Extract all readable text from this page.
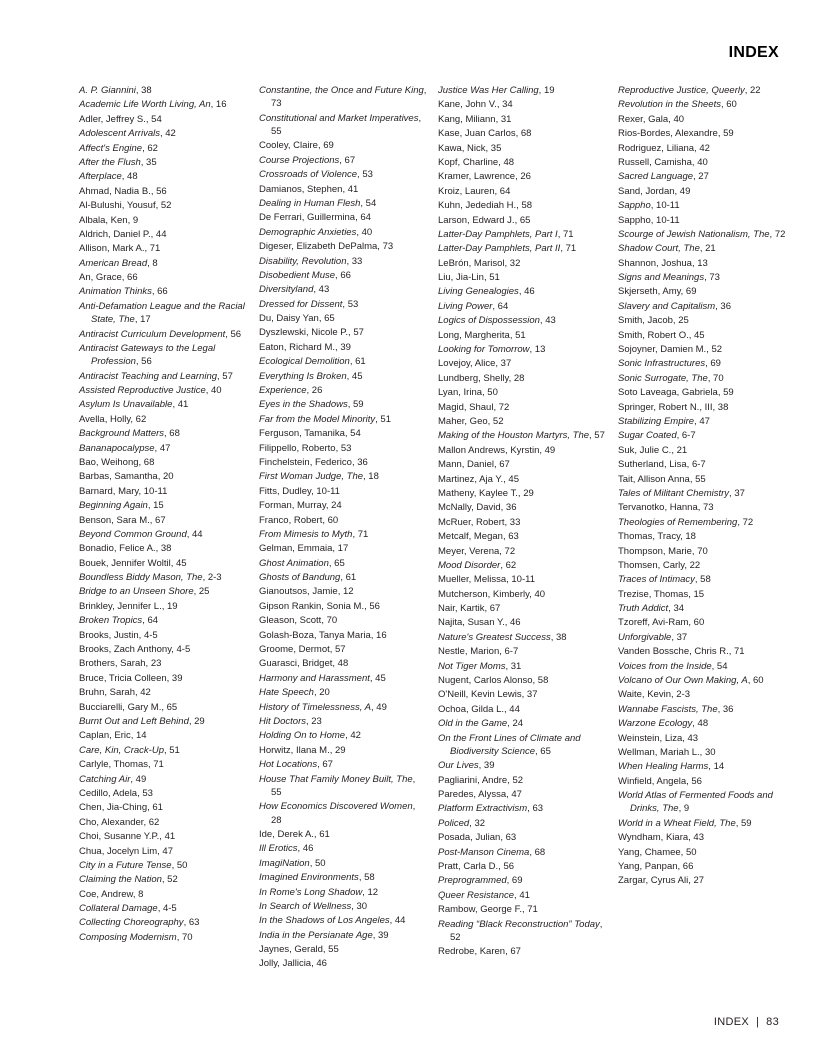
INDEX
A. P. Giannini, 38
Academic Life Worth Living, An, 16
Adler, Jeffrey S., 54
Adolescent Arrivals, 42
Affect's Engine, 62
After the Flush, 35
Afterplace, 48
Ahmad, Nadia B., 56
Al-Bulushi, Yousuf, 52
Albala, Ken, 9
Aldrich, Daniel P., 44
Allison, Mark A., 71
American Bread, 8
An, Grace, 66
Animation Thinks, 66
Anti-Defamation League and the Racial State, The, 17
Antiracist Curriculum Development, 56
Antiracist Gateways to the Legal Profession, 56
Antiracist Teaching and Learning, 57
Assisted Reproductive Justice, 40
Asylum Is Unavailable, 41
Avella, Holly, 62
Background Matters, 68
Bananapocalypse, 47
Bao, Weihong, 68
Barbas, Samantha, 20
Barnard, Mary, 10-11
Beginning Again, 15
Benson, Sara M., 67
Beyond Common Ground, 44
Bonadio, Felice A., 38
Bouek, Jennifer Woltil, 45
Boundless Biddy Mason, The, 2-3
Bridge to an Unseen Shore, 25
Brinkley, Jennifer L., 19
Broken Tropics, 64
Brooks, Justin, 4-5
Brooks, Zach Anthony, 4-5
Brothers, Sarah, 23
Bruce, Tricia Colleen, 39
Bruhn, Sarah, 42
Bucciarelli, Gary M., 65
Burnt Out and Left Behind, 29
Caplan, Eric, 14
Care, Kin, Crack-Up, 51
Carlyle, Thomas, 71
Catching Air, 49
Cedillo, Adela, 53
Chen, Jia-Ching, 61
Cho, Alexander, 62
Choi, Susanne Y.P., 41
Chua, Jocelyn Lim, 47
City in a Future Tense, 50
Claiming the Nation, 52
Coe, Andrew, 8
Collateral Damage, 4-5
Collecting Choreography, 63
Composing Modernism, 70
Constantine, the Once and Future King, 73
Constitutional and Market Imperatives, 55
Cooley, Claire, 69
Course Projections, 67
Crossroads of Violence, 53
Damianos, Stephen, 41
Dealing in Human Flesh, 54
De Ferrari, Guillermina, 64
Demographic Anxieties, 40
Digeser, Elizabeth DePalma, 73
Disability, Revolution, 33
Disobedient Muse, 66
Diversityland, 43
Dressed for Dissent, 53
Du, Daisy Yan, 65
Dyszlewski, Nicole P., 57
Eaton, Richard M., 39
Ecological Demolition, 61
Everything Is Broken, 45
Experience, 26
Eyes in the Shadows, 59
Far from the Model Minority, 51
Ferguson, Tamanika, 54
Filippello, Roberto, 53
Finchelstein, Federico, 36
First Woman Judge, The, 18
Fitts, Dudley, 10-11
Forman, Murray, 24
Franco, Robert, 60
From Mimesis to Myth, 71
Gelman, Emmaia, 17
Ghost Animation, 65
Ghosts of Bandung, 61
Gianoutsos, Jamie, 12
Gipson Rankin, Sonia M., 56
Gleason, Scott, 70
Golash-Boza, Tanya Maria, 16
Groome, Dermot, 57
Guarasci, Bridget, 48
Harmony and Harassment, 45
Hate Speech, 20
History of Timelessness, A, 49
Hit Doctors, 23
Holding On to Home, 42
Horwitz, Ilana M., 29
Hot Locations, 67
House That Family Money Built, The, 55
How Economics Discovered Women, 28
Ide, Derek A., 61
Ill Erotics, 46
ImagiNation, 50
Imagined Environments, 58
In Rome's Long Shadow, 12
In Search of Wellness, 30
In the Shadows of Los Angeles, 44
India in the Persianate Age, 39
Jaynes, Gerald, 55
Jolly, Jallicia, 46
Justice Was Her Calling, 19
Kane, John V., 34
Kang, Miliann, 31
Kase, Juan Carlos, 68
Kawa, Nick, 35
Kopf, Charline, 48
Kramer, Lawrence, 26
Kroiz, Lauren, 64
Kuhn, Jedediah H., 58
Larson, Edward J., 65
Latter-Day Pamphlets, Part I, 71
Latter-Day Pamphlets, Part II, 71
LeBrón, Marisol, 32
Liu, Jia-Lin, 51
Living Genealogies, 46
Living Power, 64
Logics of Dispossession, 43
Long, Margherita, 51
Looking for Tomorrow, 13
Lovejoy, Alice, 37
Lundberg, Shelly, 28
Lyan, Irina, 50
Magid, Shaul, 72
Maher, Geo, 52
Making of the Houston Martyrs, The, 57
Mallon Andrews, Kyrstin, 49
Mann, Daniel, 67
Martinez, Aja Y., 45
Matheny, Kaylee T., 29
McNally, David, 36
McRuer, Robert, 33
Metcalf, Megan, 63
Meyer, Verena, 72
Mood Disorder, 62
Mueller, Melissa, 10-11
Mutcherson, Kimberly, 40
Nair, Kartik, 67
Najita, Susan Y., 46
Nature's Greatest Success, 38
Nestle, Marion, 6-7
Not Tiger Moms, 31
Nugent, Carlos Alonso, 58
O'Neill, Kevin Lewis, 37
Ochoa, Gilda L., 44
Old in the Game, 24
On the Front Lines of Climate and Biodiversity Science, 65
Our Lives, 39
Pagliarini, Andre, 52
Paredes, Alyssa, 47
Platform Extractivism, 63
Policed, 32
Posada, Julian, 63
Post-Manson Cinema, 68
Pratt, Carla D., 56
Preprogrammed, 69
Queer Resistance, 41
Rambow, George F., 71
Reading “Black Reconstruction” Today, 52
Redrobe, Karen, 67
Reproductive Justice, Queerly, 22
Revolution in the Sheets, 60
Rexer, Gala, 40
Rios-Bordes, Alexandre, 59
Rodriguez, Liliana, 42
Russell, Camisha, 40
Sacred Language, 27
Sand, Jordan, 49
Sappho, 10-11
Sappho, 10-11
Scourge of Jewish Nationalism, The, 72
Shadow Court, The, 21
Shannon, Joshua, 13
Signs and Meanings, 73
Skjerseth, Amy, 69
Slavery and Capitalism, 36
Smith, Jacob, 25
Smith, Robert O., 45
Sojoyner, Damien M., 52
Sonic Infrastructures, 69
Sonic Surrogate, The, 70
Soto Laveaga, Gabriela, 59
Springer, Robert N., III, 38
Stabilizing Empire, 47
Sugar Coated, 6-7
Suk, Julie C., 21
Sutherland, Lisa, 6-7
Tait, Allison Anna, 55
Tales of Militant Chemistry, 37
Tervanotko, Hanna, 73
Theologies of Remembering, 72
Thomas, Tracy, 18
Thompson, Marie, 70
Thomsen, Carly, 22
Traces of Intimacy, 58
Trezise, Thomas, 15
Truth Addict, 34
Tzoreff, Avi-Ram, 60
Unforgivable, 37
Vanden Bossche, Chris R., 71
Voices from the Inside, 54
Volcano of Our Own Making, A, 60
Waite, Kevin, 2-3
Wannabe Fascists, The, 36
Warzone Ecology, 48
Weinstein, Liza, 43
Wellman, Mariah L., 30
When Healing Harms, 14
Winfield, Angela, 56
World Atlas of Fermented Foods and Drinks, The, 9
World in a Wheat Field, The, 59
Wyndham, Kiara, 43
Yang, Chamee, 50
Yang, Panpan, 66
Zargar, Cyrus Ali, 27
INDEX | 83
